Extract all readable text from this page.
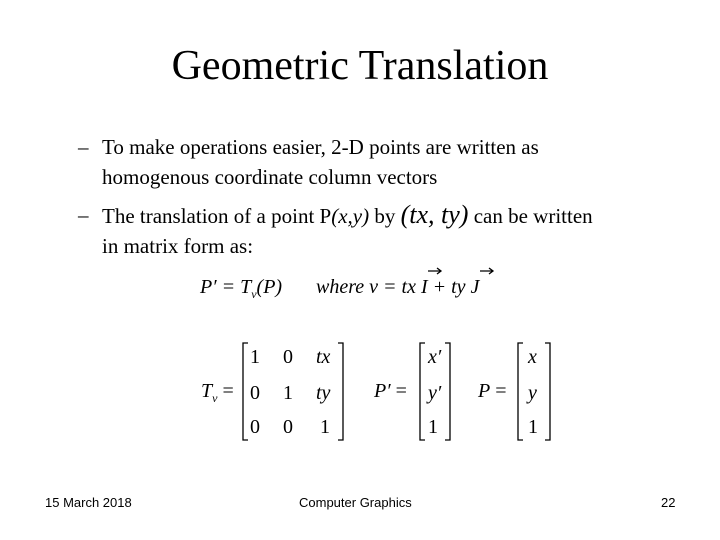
Geometric Translation
– To make operations easier, 2-D points are written as
homogenous coordinate column vectors
– The translation of a point P(x,y) by (tx, ty) can be written
in matrix form as:
$P' = T_v(P)$ where v = tx I + ty J
$T_v$ =	P′ =	P =
1 0 tx
0 1 ty
0 0 1
x′
y′
1
x
y
1
15 March 2018	Computer Graphics	22
